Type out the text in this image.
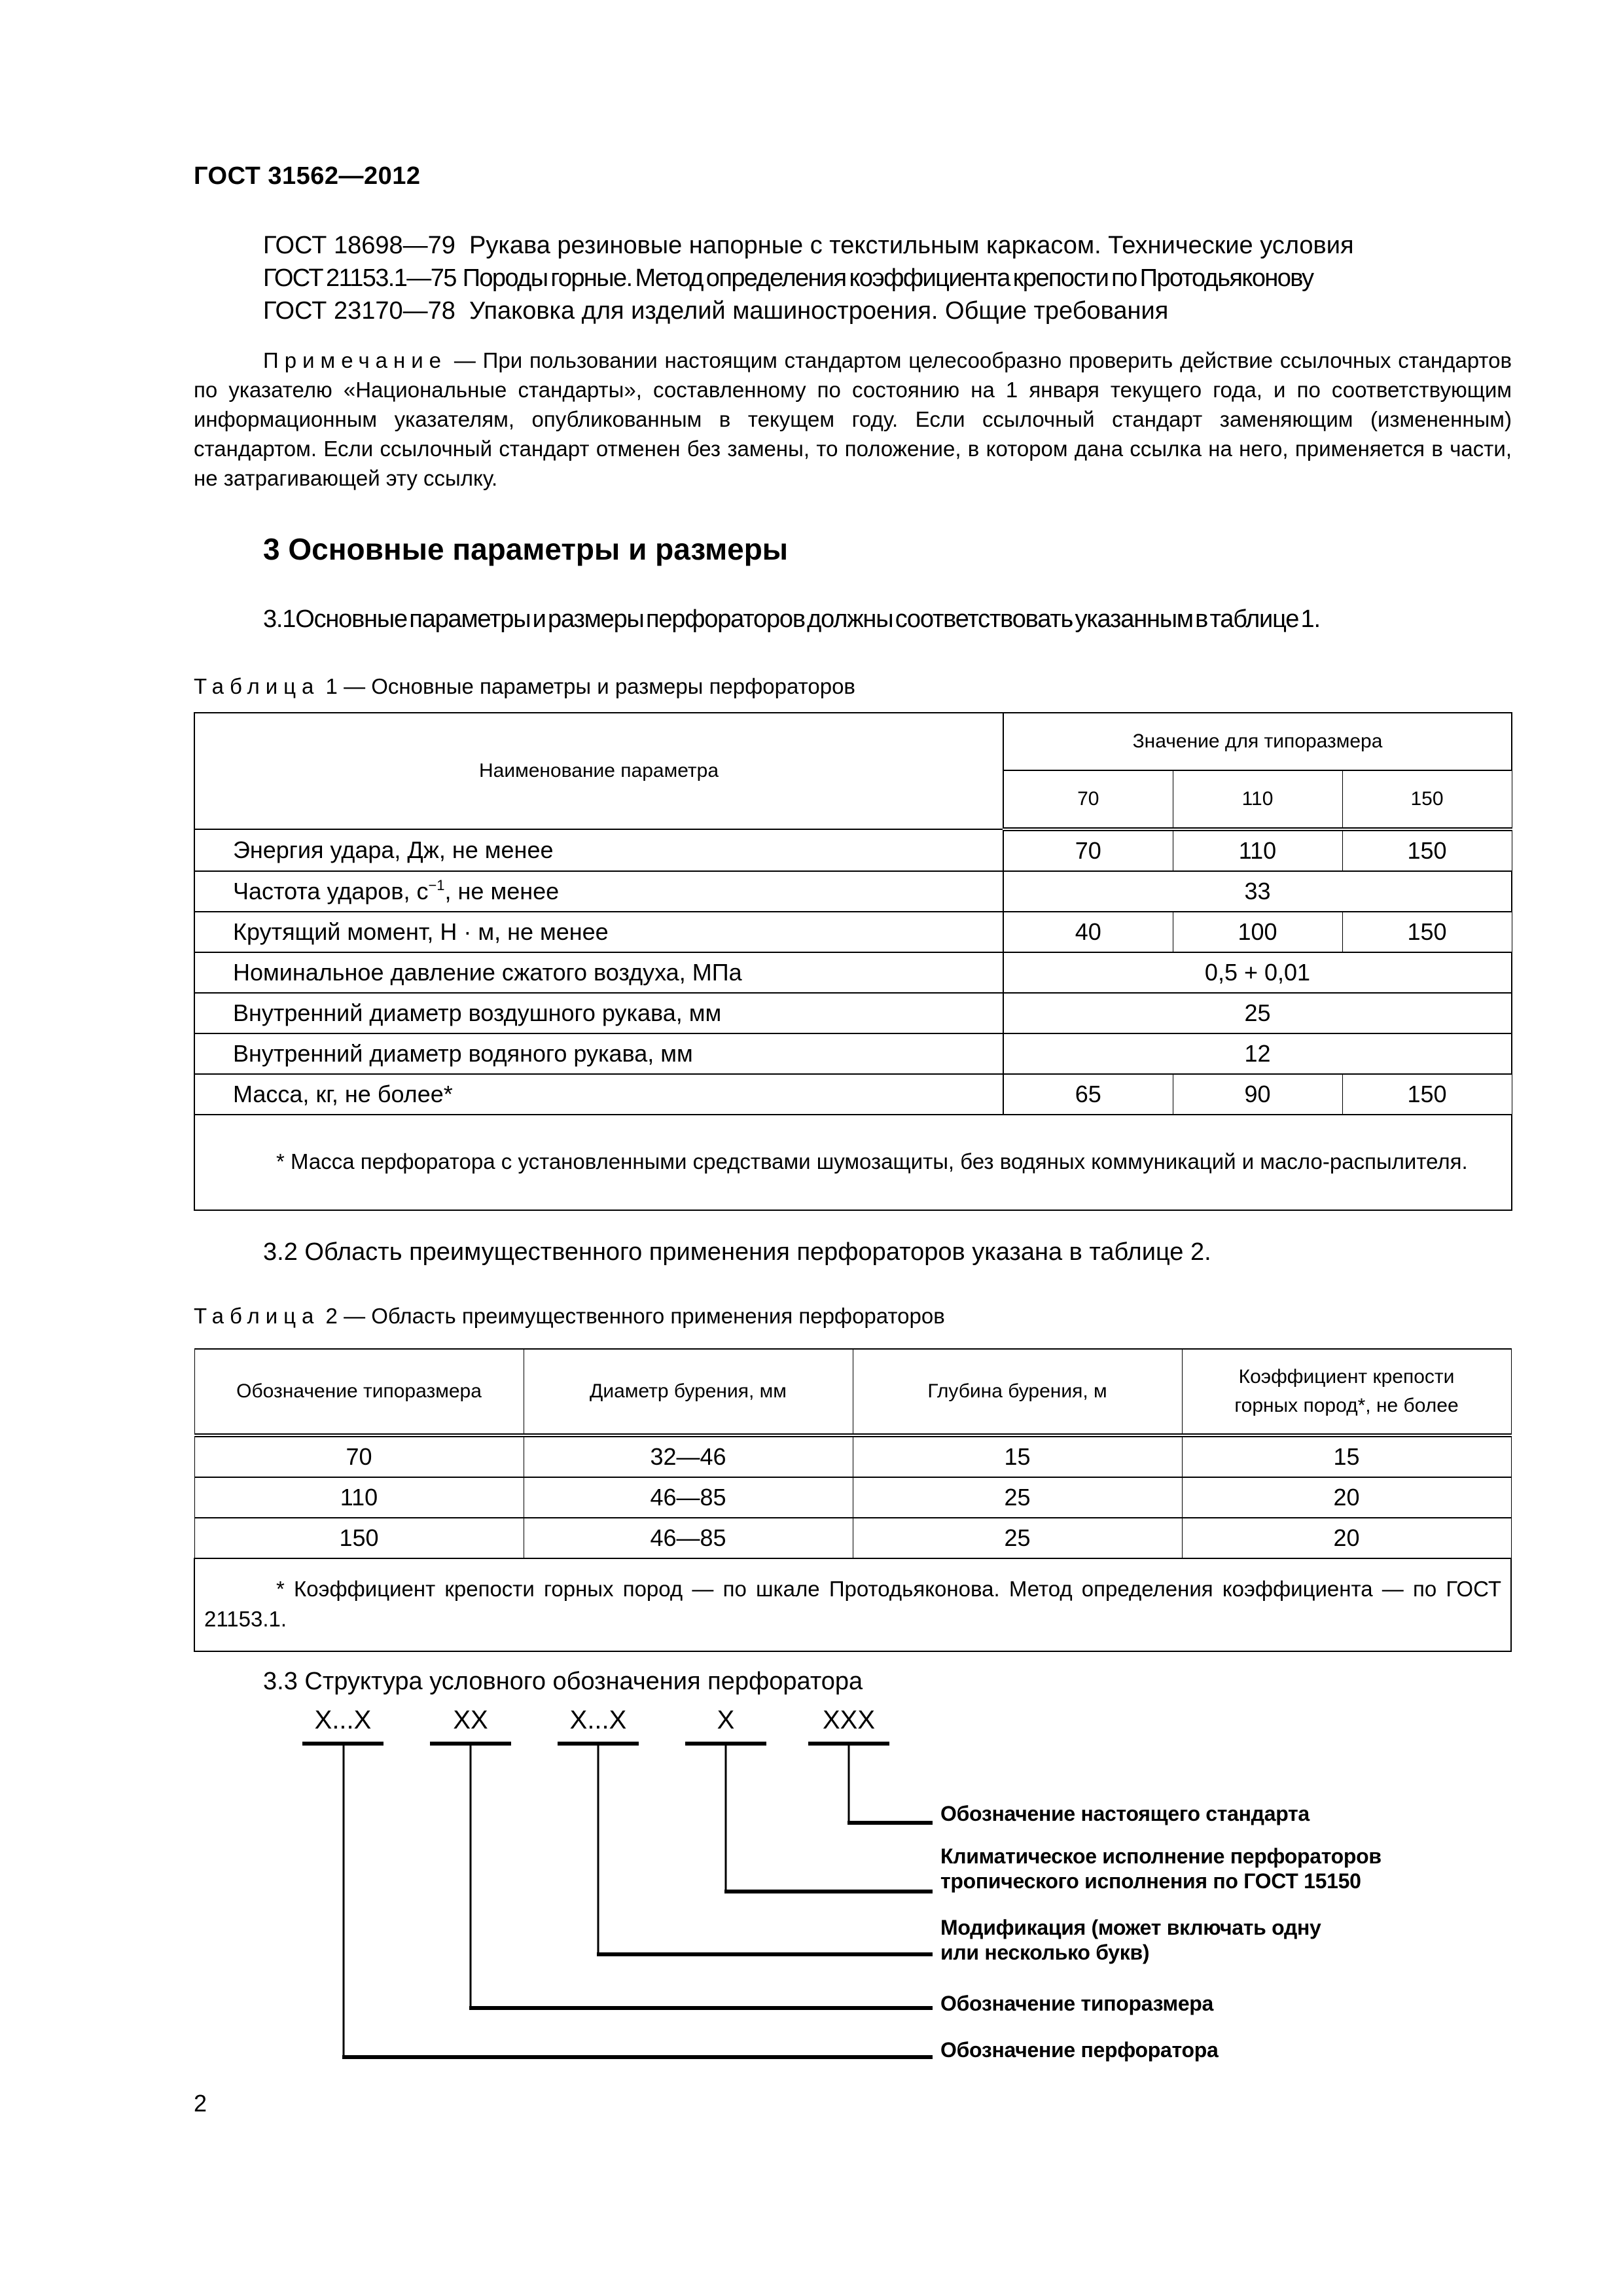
ГОСТ 31562—2012
ГОСТ 18698—79 Рукава резиновые напорные с текстильным каркасом. Технические условия
ГОСТ 21153.1—75 Породы горные. Метод определения коэффициента крепости по Протодьяконову
ГОСТ 23170—78 Упаковка для изделий машиностроения. Общие требования
Примечание — При пользовании настоящим стандартом целесообразно проверить действие ссылочных стандартов по указателю «Национальные стандарты», составленному по состоянию на 1 января текущего года, и по соответствующим информационным указателям, опубликованным в текущем году. Если ссылочный стандарт заменяющим (измененным) стандартом. Если ссылочный стандарт отменен без замены, то положение, в котором дана ссылка на него, применяется в части, не затрагивающей эту ссылку.
3 Основные параметры и размеры
3.1Основные параметры и размеры перфораторов должны соответствовать указанным в таблице 1.
Таблица 1 — Основные параметры и размеры перфораторов
Наименование параметра	Значение для типоразмера		
	70	110	150
Энергия удара, Дж, не менее	70	110	150
Частота ударов, $с^{-1}$, не менее	33		
Крутящий момент, Н · м, не менее	40	100	150
Номинальное давление сжатого воздуха, МПа	0,5 + 0,01		
Внутренний диаметр воздушного рукава, мм	25		
Внутренний диаметр водяного рукава, мм	12		
Масса, кг, не более*	65	90	150
* Масса перфоратора с установленными средствами шумозащиты, без водяных коммуникаций и масло-распылителя.			
3.2 Область преимущественного применения перфораторов указана в таблице 2.
Таблица 2 — Область преимущественного применения перфораторов
Обозначение типоразмера	Диаметр бурения, мм	Глубина бурения, м	Коэффициент крепости горных пород*, не более
70	32—46	15	15
110	46—85	25	20
150	46—85	25	20
* Коэффициент крепости горных пород — по шкале Протодьяконова. Метод определения коэффициента — по ГОСТ 21153.1.			
3.3 Структура условного обозначения перфоратора
X...X	XX	X...X	X	XXX
Обозначение настоящего стандарта
Климатическое исполнение перфораторов
тропического исполнения по ГОСТ 15150
Модификация (может включать одну
или несколько букв)
Обозначение типоразмера
Обозначение перфоратора
2
